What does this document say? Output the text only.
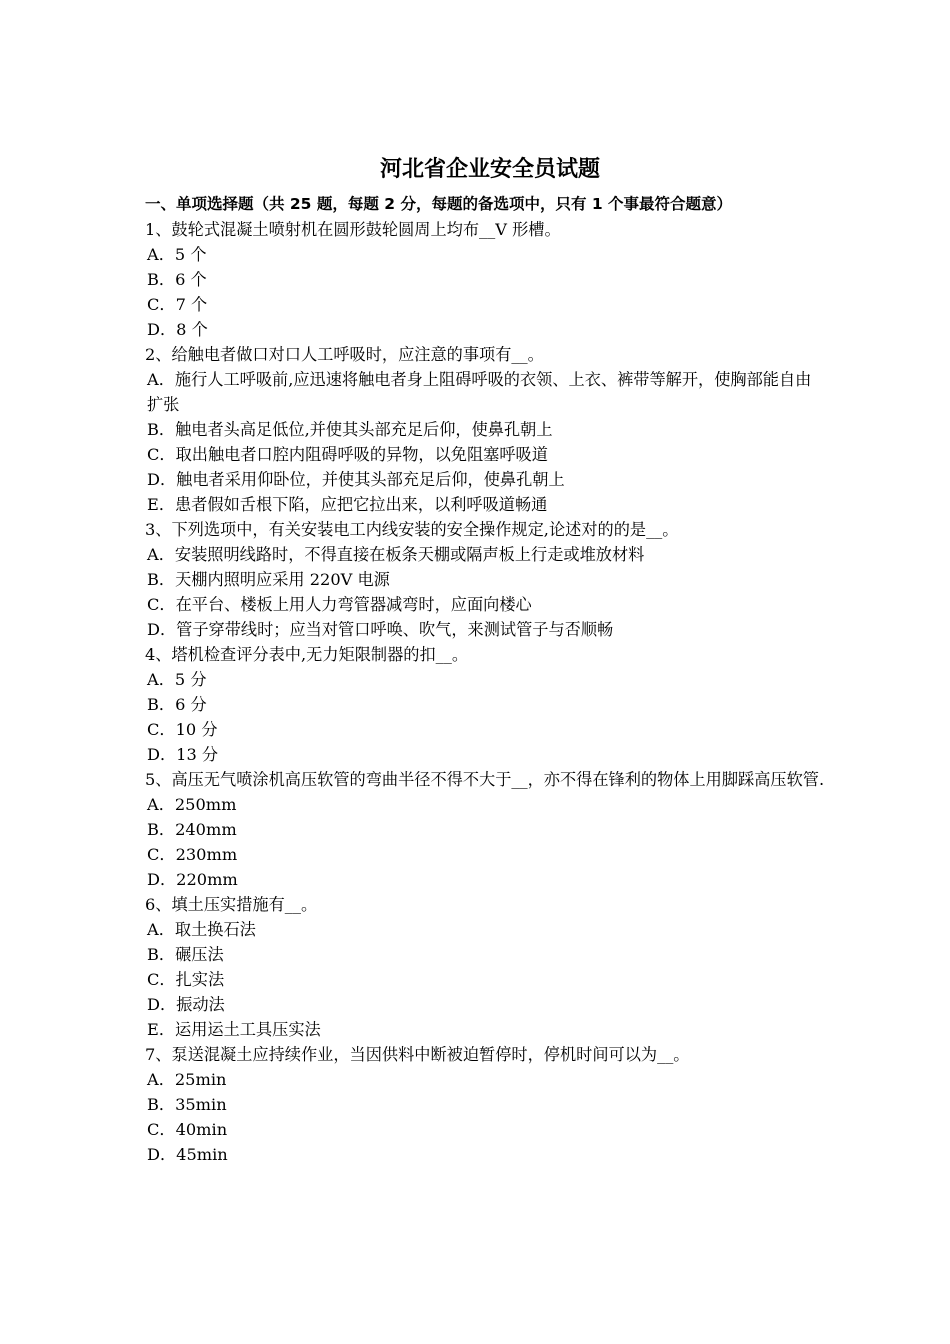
河北省企业安全员试题

一、单项选择题（共 25 题，每题 2 分，每题的备选项中，只有 1 个事最符合题意）

1、鼓轮式混凝土喷射机在圆形鼓轮圆周上均布__V 形槽。

A．5 个

B．6 个

C．7 个

D．8 个

2、给触电者做口对口人工呼吸时，应注意的事项有__。

A．施行人工呼吸前,应迅速将触电者身上阻碍呼吸的衣领、上衣、裤带等解开，使胸部能自由扩张

B．触电者头高足低位,并使其头部充足后仰，使鼻孔朝上

C．取出触电者口腔内阻碍呼吸的异物，以免阻塞呼吸道

D．触电者采用仰卧位，并使其头部充足后仰，使鼻孔朝上

E．患者假如舌根下陷，应把它拉出来，以利呼吸道畅通

3、下列选项中，有关安装电工内线安装的安全操作规定,论述对的的是__。

A．安装照明线路时，不得直接在板条天棚或隔声板上行走或堆放材料

B．天棚内照明应采用 220V 电源

C．在平台、楼板上用人力弯管器减弯时，应面向楼心

D．管子穿带线时；应当对管口呼唤、吹气，来测试管子与否顺畅

4、塔机检查评分表中,无力矩限制器的扣__。

A．5 分

B．6 分

C．10 分

D．13 分

5、高压无气喷涂机高压软管的弯曲半径不得不大于__，亦不得在锋利的物体上用脚踩高压软管.

A．250mm

B．240mm

C．230mm

D．220mm

6、填土压实措施有__。

A．取土换石法

B．碾压法

C．扎实法

D．振动法

E．运用运土工具压实法

7、泵送混凝土应持续作业，当因供料中断被迫暂停时，停机时间可以为__。

A．25min

B．35min

C．40min

D．45min
